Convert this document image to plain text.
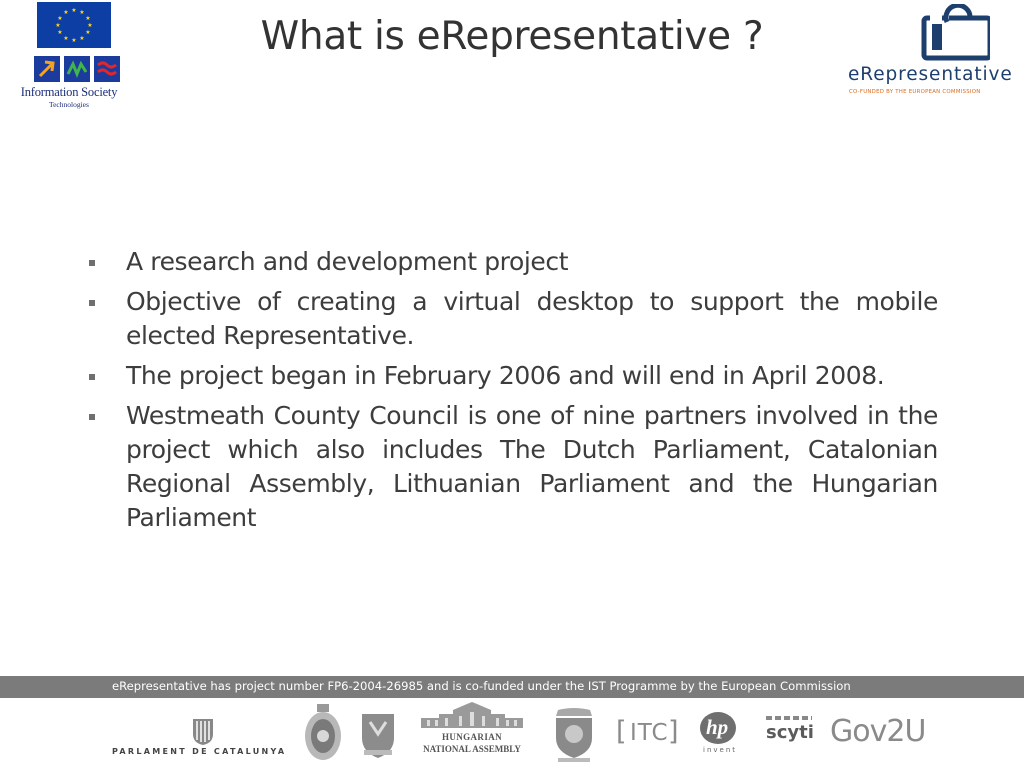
★ ★
★
★
★
★
★
★
★
★
★
★
Information Society
Technologies
What is eRepresentative ?
eRepresentative
CO-FUNDED BY THE EUROPEAN COMMISSION
A research and development project
Objective of creating a virtual desktop to support the mobile elected Representative.
The project began in February 2006 and will end in April 2008.
Westmeath County Council is one of nine partners involved in the project which also includes The Dutch Parliament, Catalonian Regional Assembly, Lithuanian Parliament and the Hungarian Parliament
eRepresentative has project number FP6-2004-26985 and is co-funded under the IST Programme by the European Commission
PARLAMENT DE CATALUNYA
HUNGARIAN
NATIONAL ASSEMBLY
[ ITC ] hp
invent
scyti Gov2U
